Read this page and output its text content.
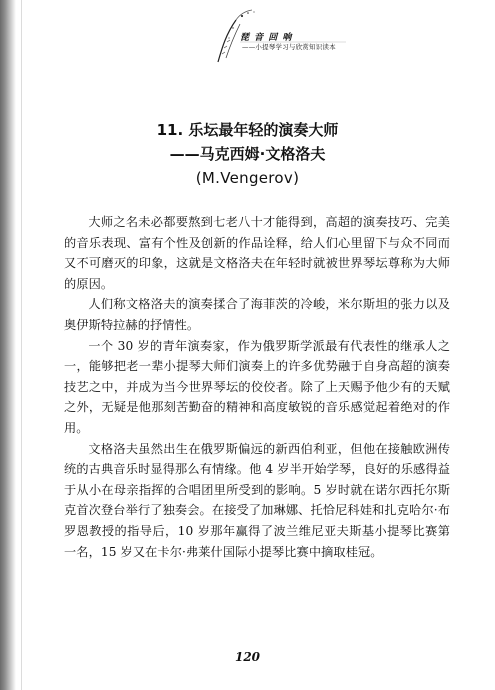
琵 音 回 响
——小提琴学习与欣赏知识读本
11. 乐坛最年轻的演奏大师
——马克西姆·文格洛夫
(M.Vengerov)

大师之名未必都要熬到七老八十才能得到，高超的演奏技巧、完美的音乐表现、富有个性及创新的作品诠释，给人们心里留下与众不同而又不可磨灭的印象，这就是文格洛夫在年轻时就被世界琴坛尊称为大师的原因。

人们称文格洛夫的演奏揉合了海菲茨的冷峻，米尔斯坦的张力以及奥伊斯特拉赫的抒情性。

一个 30 岁的青年演奏家，作为俄罗斯学派最有代表性的继承人之一，能够把老一辈小提琴大师们演奏上的许多优势融于自身高超的演奏技艺之中，并成为当今世界琴坛的佼佼者。除了上天赐予他少有的天赋之外，无疑是他那刻苦勤奋的精神和高度敏锐的音乐感觉起着绝对的作用。

文格洛夫虽然出生在俄罗斯偏远的新西伯利亚，但他在接触欧洲传统的古典音乐时显得那么有情缘。他 4 岁半开始学琴，良好的乐感得益于从小在母亲指挥的合唱团里所受到的影响。5 岁时就在诺尔西托尔斯克首次登台举行了独奏会。在接受了加琳娜、托恰尼科娃和扎克哈尔·布罗恩教授的指导后，10 岁那年赢得了波兰维尼亚夫斯基小提琴比赛第一名，15 岁又在卡尔·弗莱什国际小提琴比赛中摘取桂冠。

120
